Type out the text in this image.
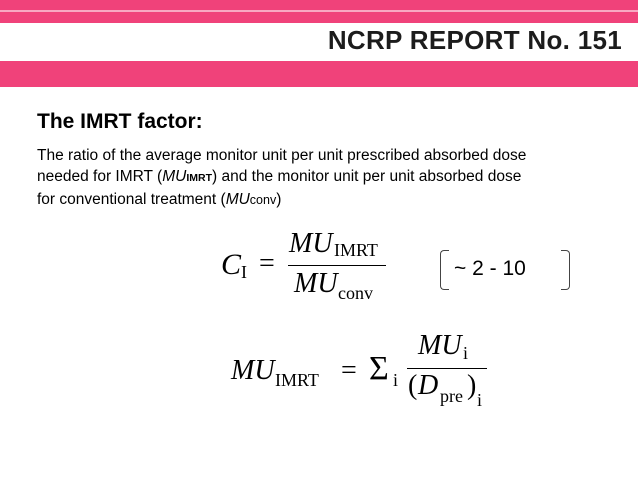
NCRP REPORT No. 151
The IMRT factor:
The ratio of the average monitor unit per unit prescribed absorbed dose
needed for IMRT (MUIMRT) and the monitor unit per unit absorbed dose
for conventional treatment (MUconv)
C I =
MU IMRT
MU conv
~ 2 - 10
MU IMRT = Σ i
MU i
( D pre ) i
